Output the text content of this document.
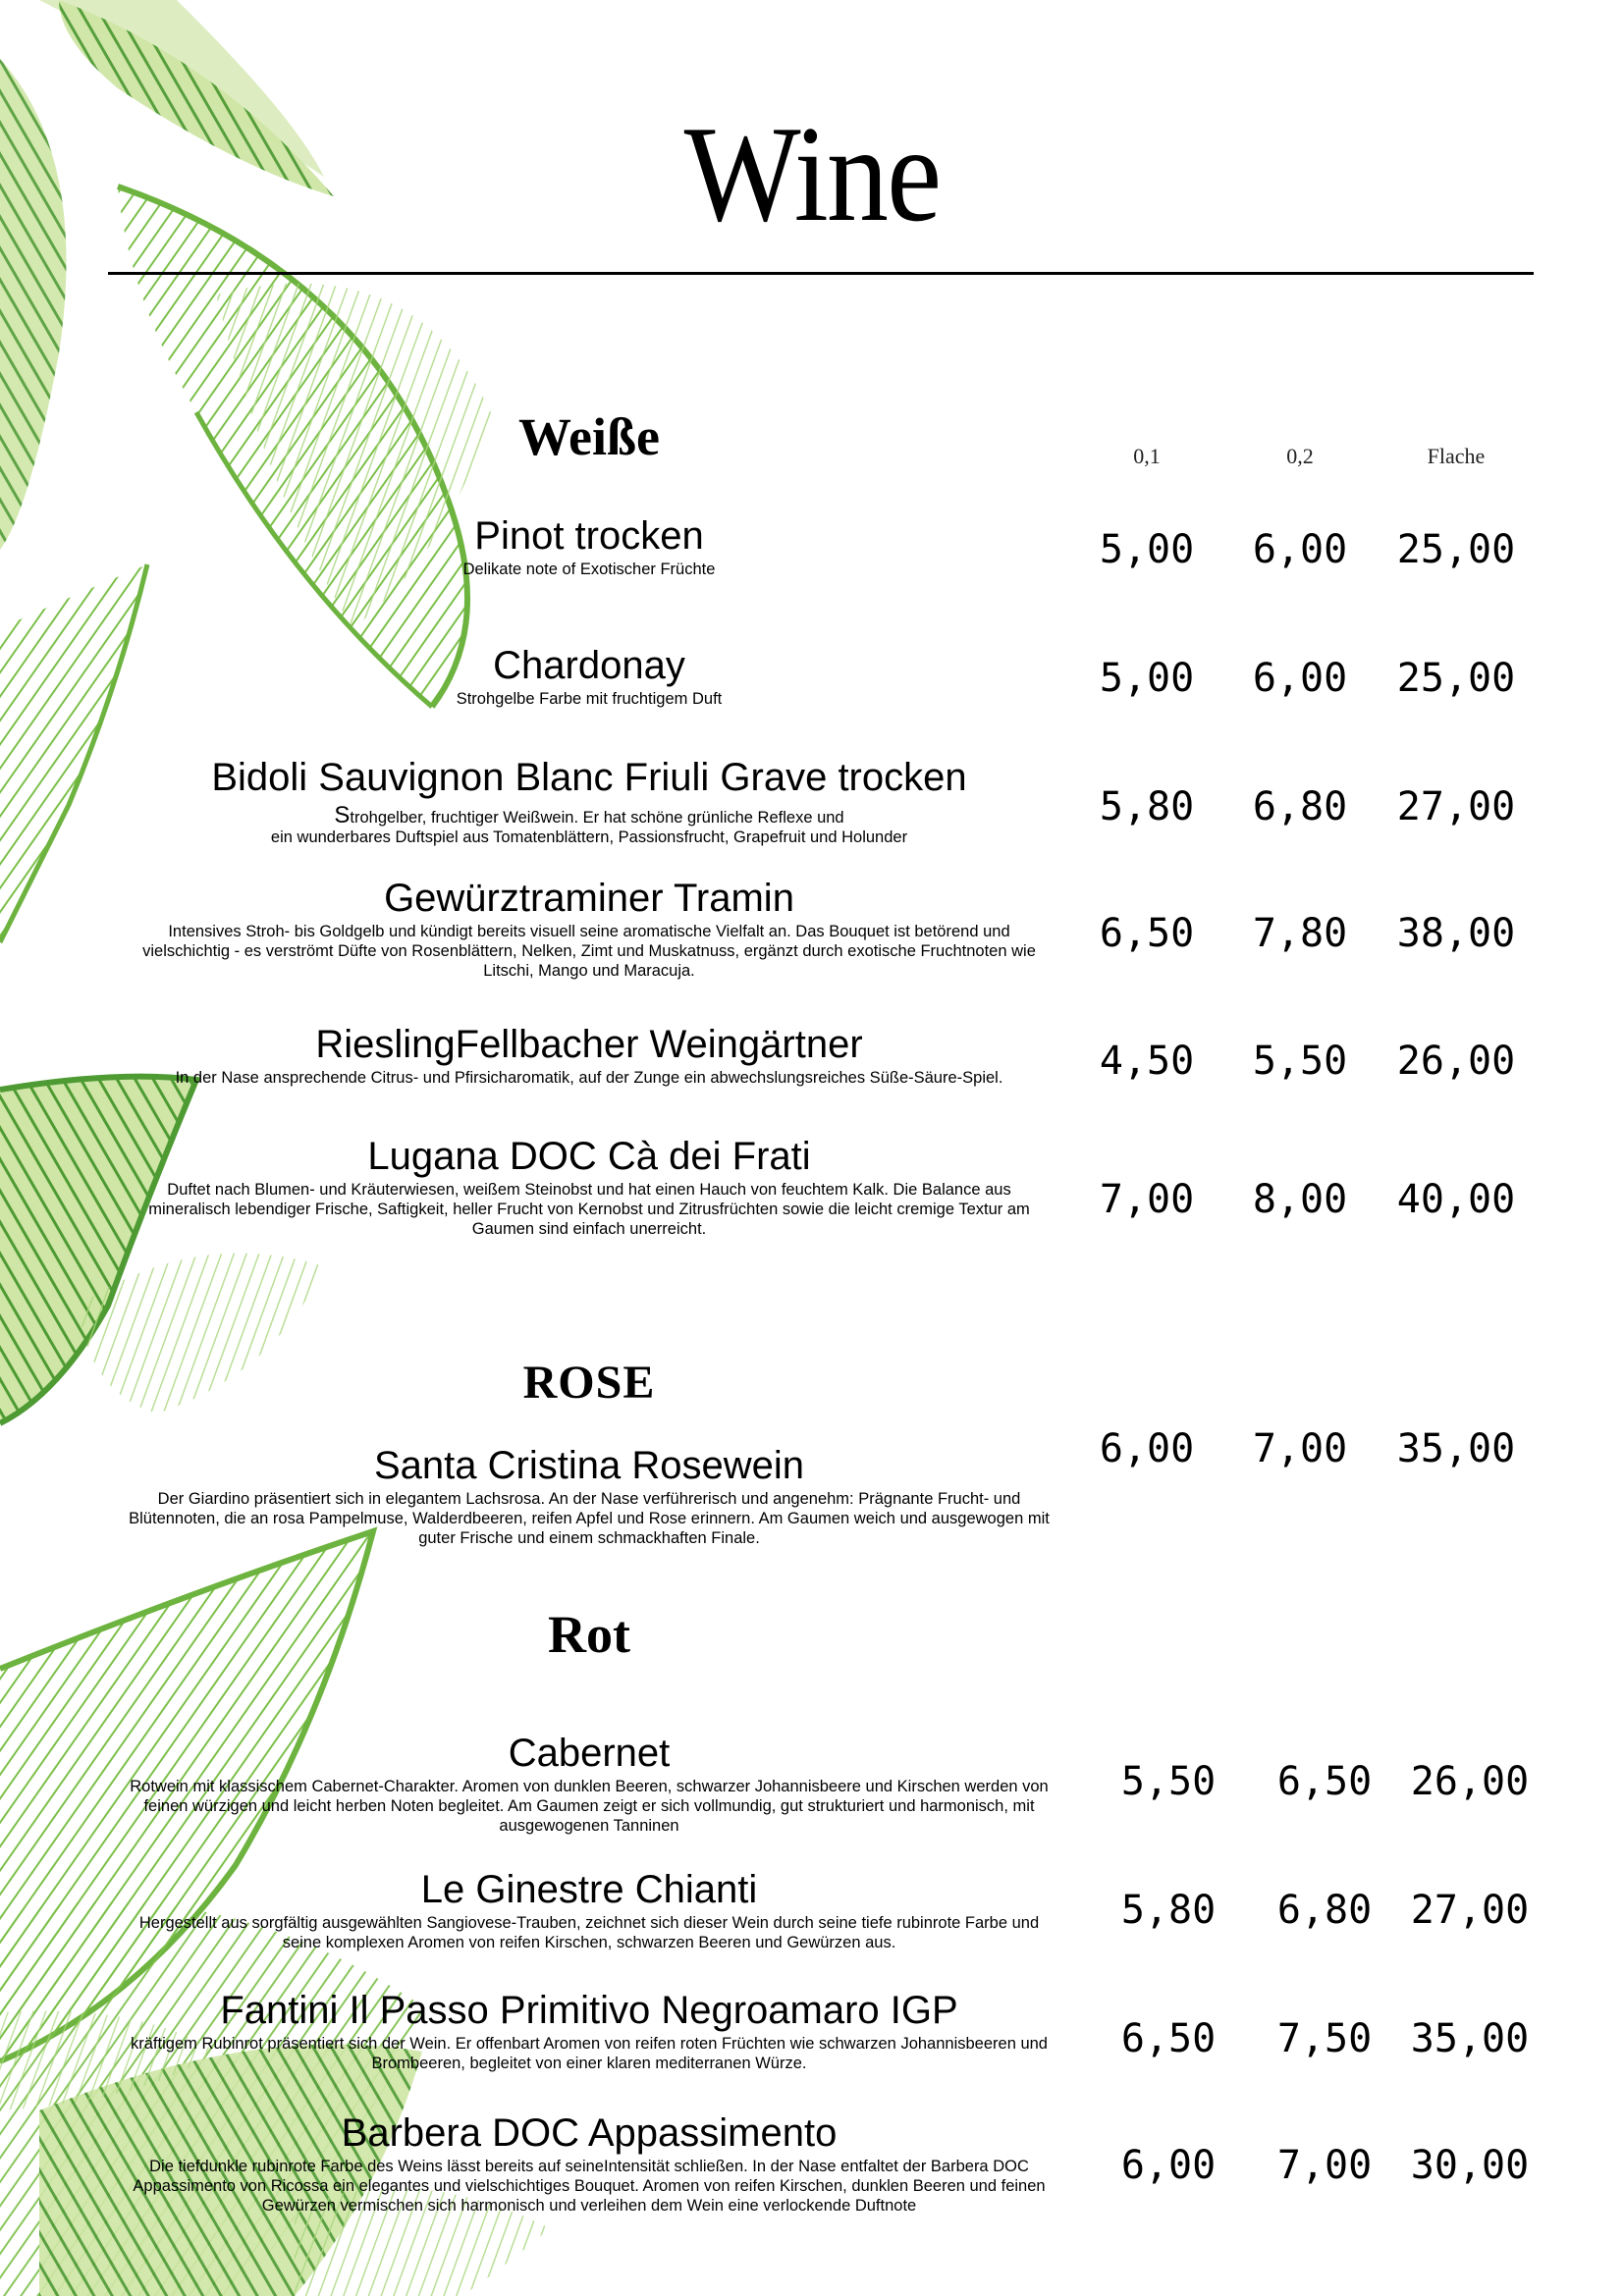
Wine
Weiße	0,1	0,2	Flache
Pinot trocken
Delikate note of Exotischer Früchte	5,00	6,00	25,00
Chardonay
Strohgelbe Farbe mit fruchtigem Duft	5,00	6,00	25,00
Bidoli Sauvignon Blanc Friuli Grave trocken
Strohgelber, fruchtiger Weißwein. Er hat schöne grünliche Reflexe und
ein wunderbares Duftspiel aus Tomatenblättern, Passionsfrucht, Grapefruit und Holunder
5,80	6,80	27,00
Gewürztraminer Tramin
Intensives Stroh- bis Goldgelb und kündigt bereits visuell seine aromatische Vielfalt an. Das Bouquet ist betörend und
vielschichtig - es verströmt Düfte von Rosenblättern, Nelken, Zimt und Muskatnuss, ergänzt durch exotische Fruchtnoten wie
Litschi, Mango und Maracuja.
6,50	7,80	38,00
RieslingFellbacher Weingärtner
In der Nase ansprechende Citrus- und Pfirsicharomatik, auf der Zunge ein abwechslungsreiches Süße-Säure-Spiel.	4,50	5,50	26,00
Lugana DOC Cà dei Frati
Duftet nach Blumen- und Kräuterwiesen, weißem Steinobst und hat einen Hauch von feuchtem Kalk. Die Balance aus
mineralisch lebendiger Frische, Saftigkeit, heller Frucht von Kernobst und Zitrusfrüchten sowie die leicht cremige Textur am
Gaumen sind einfach unerreicht.
7,00	8,00	40,00
ROSE
Santa Cristina Rosewein
Der Giardino präsentiert sich in elegantem Lachsrosa. An der Nase verführerisch und angenehm: Prägnante Frucht- und
Blütennoten, die an rosa Pampelmuse, Walderdbeeren, reifen Apfel und Rose erinnern. Am Gaumen weich und ausgewogen mit
guter Frische und einem schmackhaften Finale.
6,00	7,00	35,00
Rot
Cabernet
Rotwein mit klassischem Cabernet-Charakter. Aromen von dunklen Beeren, schwarzer Johannisbeere und Kirschen werden von
feinen würzigen und leicht herben Noten begleitet. Am Gaumen zeigt er sich vollmundig, gut strukturiert und harmonisch, mit
ausgewogenen Tanninen
5,50	6,50 26,00
Le Ginestre Chianti
Hergestellt aus sorgfältig ausgewählten Sangiovese-Trauben, zeichnet sich dieser Wein durch seine tiefe rubinrote Farbe und
seine komplexen Aromen von reifen Kirschen, schwarzen Beeren und Gewürzen aus.
5,80	6,80 27,00
Fantini Il Passo Primitivo Negroamaro IGP
kräftigem Rubinrot präsentiert sich der Wein. Er offenbart Aromen von reifen roten Früchten wie schwarzen Johannisbeeren und
Brombeeren, begleitet von einer klaren mediterranen Würze.
6,50	7,50 35,00
Barbera DOC Appassimento
Die tiefdunkle rubinrote Farbe des Weins lässt bereits auf seineIntensität schließen. In der Nase entfaltet der Barbera DOC
Appassimento von Ricossa ein elegantes und vielschichtiges Bouquet. Aromen von reifen Kirschen, dunklen Beeren und feinen
Gewürzen vermischen sich harmonisch und verleihen dem Wein eine verlockende Duftnote
6,00	7,00 30,00
